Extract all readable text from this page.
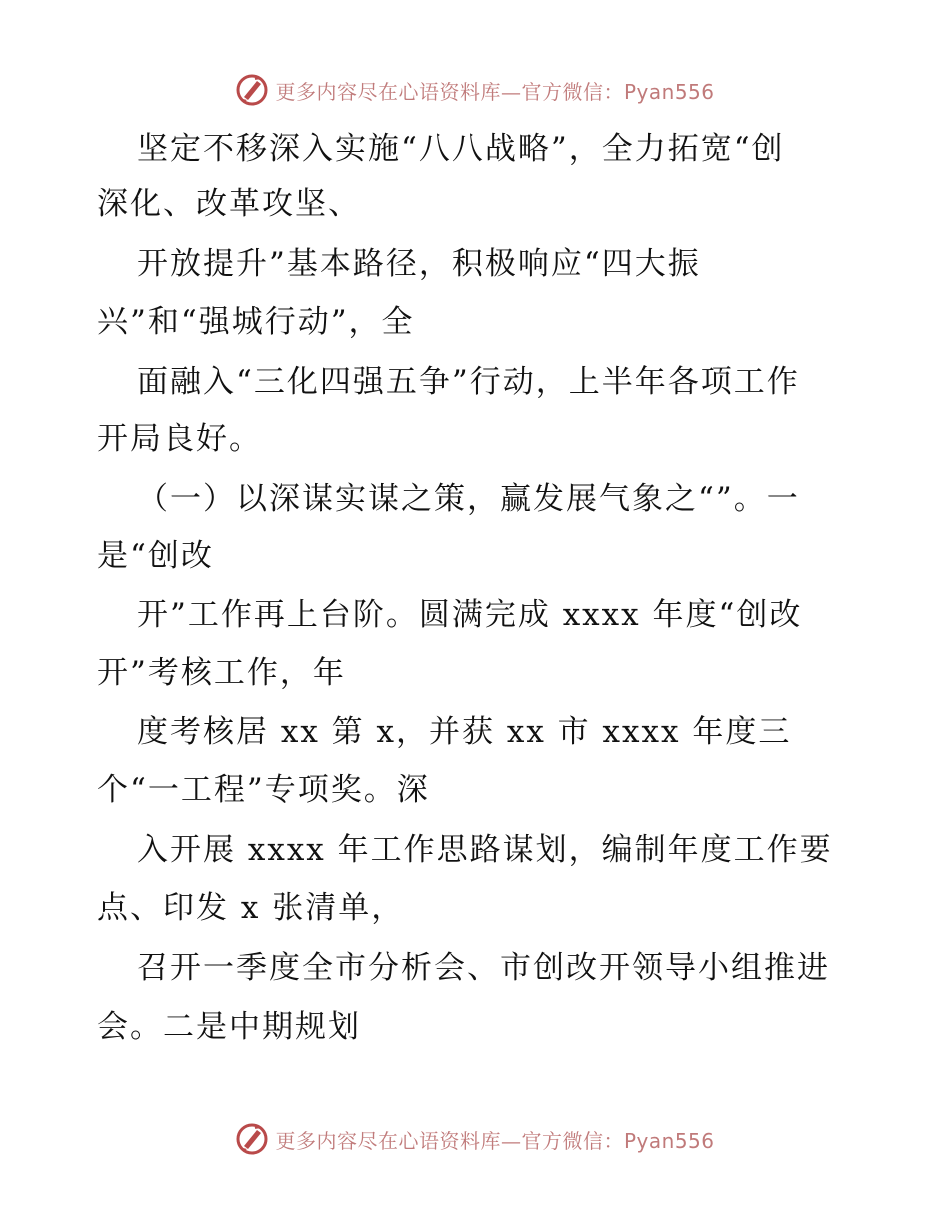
更多内容尽在心语资料库—官方微信：Pyan556
坚定不移深入实施“八八战略”，全力拓宽“创
深化、改革攻坚、
开放提升”基本路径，积极响应“四大振
兴”和“强城行动”，全
面融入“三化四强五争”行动，上半年各项工作
开局良好。
（一）以深谋实谋之策，赢发展气象之“”。一
是“创改
开”工作再上台阶。圆满完成 xxxx 年度“创改
开”考核工作，年
度考核居 xx 第 x，并获 xx 市 xxxx 年度三
个“一工程”专项奖。深
入开展 xxxx 年工作思路谋划，编制年度工作要
点、印发 x 张清单，
召开一季度全市分析会、市创改开领导小组推进
会。二是中期规划
更多内容尽在心语资料库—官方微信：Pyan556
